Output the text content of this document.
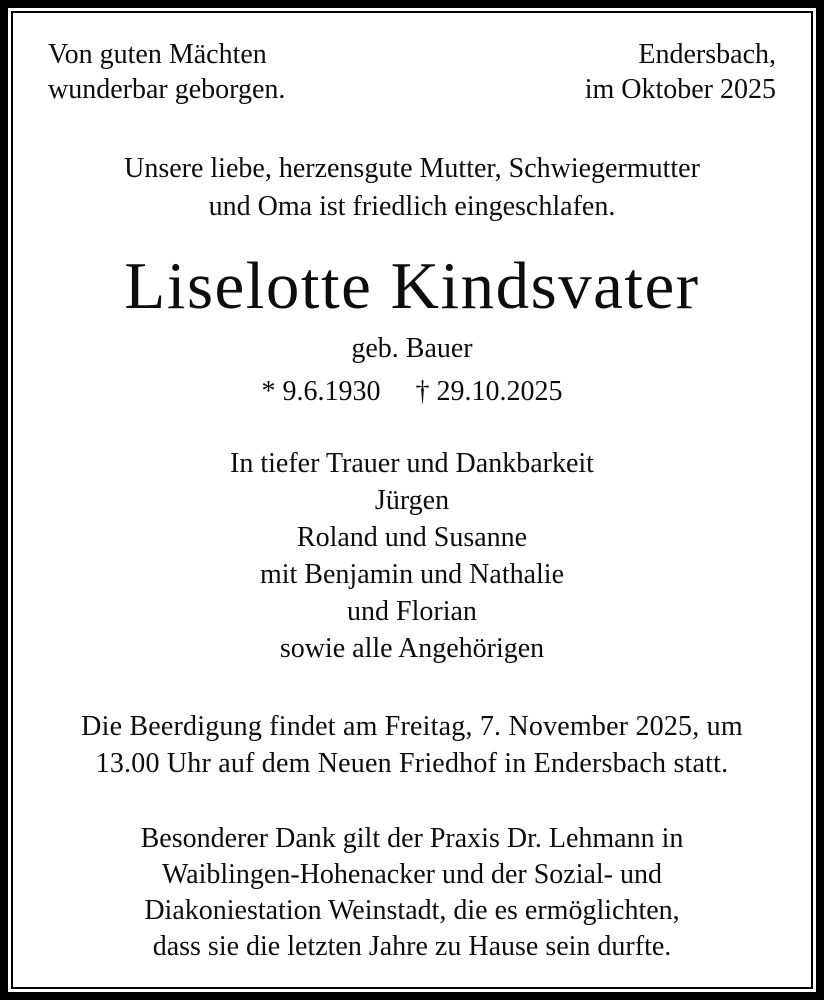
Von guten Mächten
wunderbar geborgen.
Endersbach,
im Oktober 2025
Unsere liebe, herzensgute Mutter, Schwiegermutter
und Oma ist friedlich eingeschlafen.
Liselotte Kindsvater
geb. Bauer
* 9.6.1930 † 29.10.2025
In tiefer Trauer und Dankbarkeit
Jürgen
Roland und Susanne
mit Benjamin und Nathalie
und Florian
sowie alle Angehörigen
Die Beerdigung findet am Freitag, 7. November 2025, um
13.00 Uhr auf dem Neuen Friedhof in Endersbach statt.
Besonderer Dank gilt der Praxis Dr. Lehmann in
Waiblingen-Hohenacker und der Sozial- und
Diakoniestation Weinstadt, die es ermöglichten,
dass sie die letzten Jahre zu Hause sein durfte.
